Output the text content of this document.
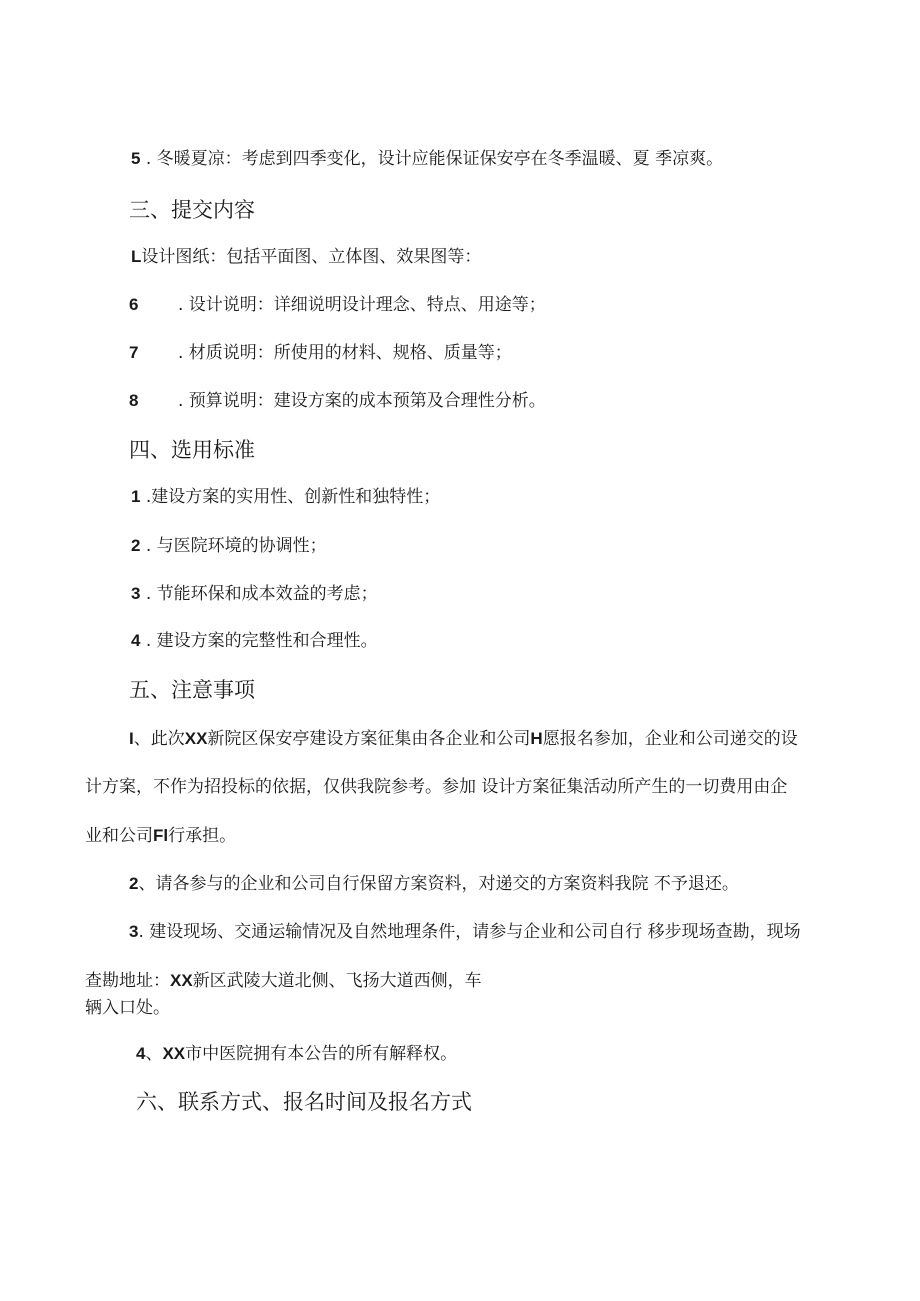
5 . 冬暖夏凉：考虑到四季变化，设计应能保证保安亭在冬季温暖、夏 季凉爽。
三、提交内容
L设计图纸：包括平面图、立体图、效果图等：
6 . 设计说明：详细说明设计理念、特点、用途等；
7 . 材质说明：所使用的材料、规格、质量等；
8 . 预算说明：建设方案的成本预第及合理性分析。
四、选用标准
1 .建设方案的实用性、创新性和独特性；
2 . 与医院环境的协调性；
3 . 节能环保和成本效益的考虑；
4 . 建设方案的完整性和合理性。
五、注意事项
I、此次XX新院区保安亭建设方案征集由各企业和公司H愿报名参加，企业和公司递交的设
计方案，不作为招投标的依据，仅供我院参考。参加 设计方案征集活动所产生的一切费用由企
业和公司Fl行承担。
2、请各参与的企业和公司自行保留方案资料，对递交的方案资料我院 不予退还。
3. 建设现场、交通运输情况及自然地理条件，请参与企业和公司自行 移步现场查勘，现场
查勘地址：XX新区武陵大道北侧、飞扬大道西侧，车
辆入口处。
4、XX市中医院拥有本公告的所有解释权。
六、联系方式、报名时间及报名方式
